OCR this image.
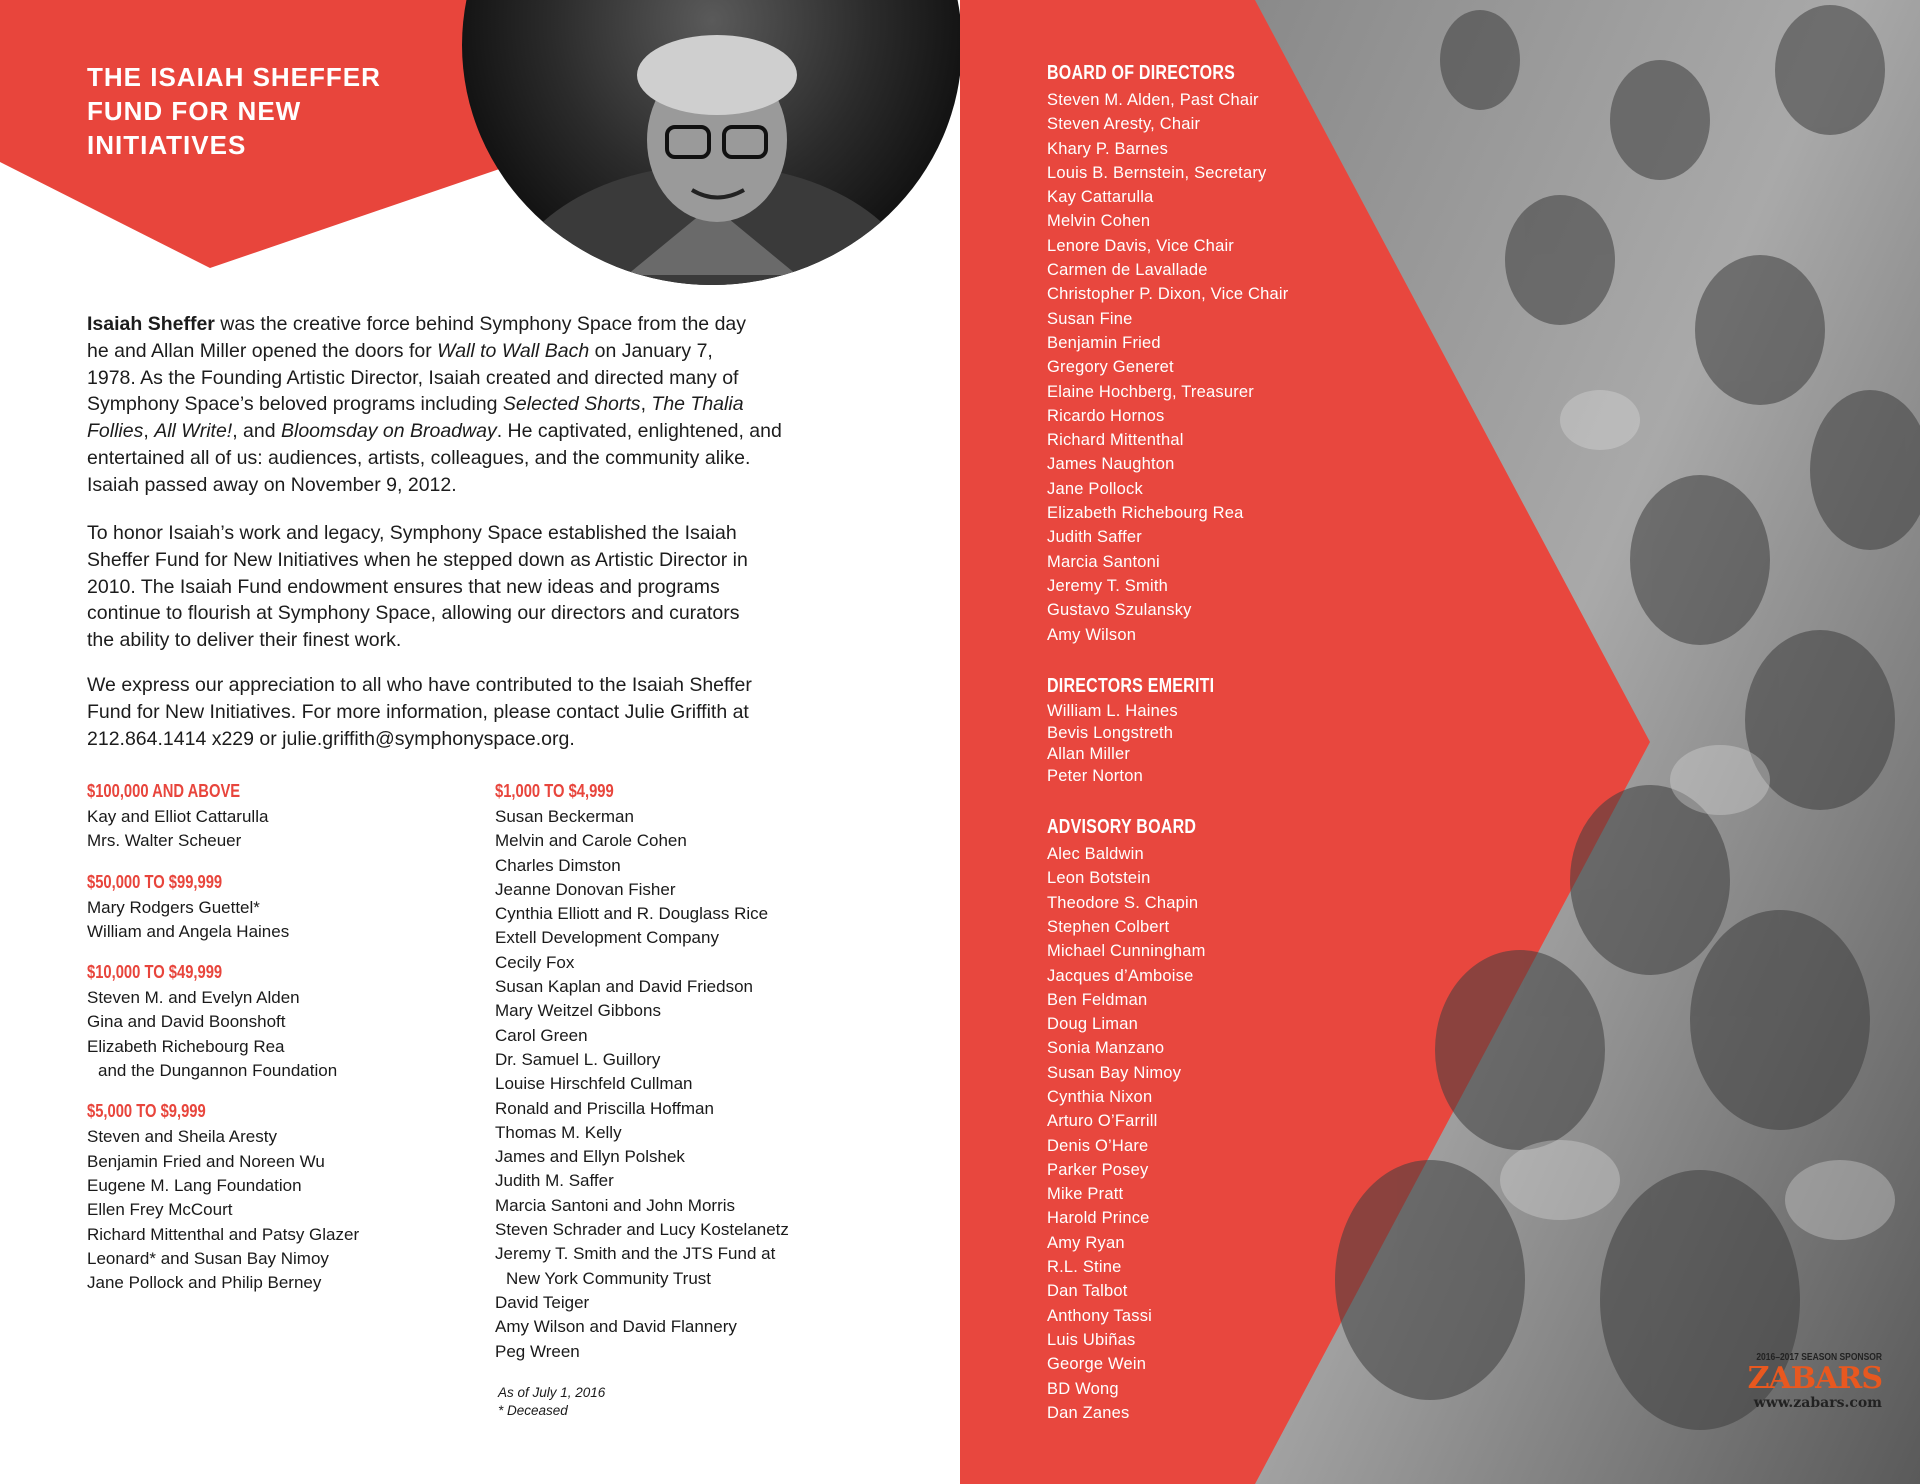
THE ISAIAH SHEFFER
FUND FOR NEW
INITIATIVES

Isaiah Sheffer was the creative force behind Symphony Space from the day
he and Allan Miller opened the doors for Wall to Wall Bach on January 7,
1978. As the Founding Artistic Director, Isaiah created and directed many of
Symphony Space’s beloved programs including Selected Shorts, The Thalia
Follies, All Write!, and Bloomsday on Broadway. He captivated, enlightened, and
entertained all of us: audiences, artists, colleagues, and the community alike.
Isaiah passed away on November 9, 2012.

To honor Isaiah’s work and legacy, Symphony Space established the Isaiah
Sheffer Fund for New Initiatives when he stepped down as Artistic Director in
2010. The Isaiah Fund endowment ensures that new ideas and programs
continue to flourish at Symphony Space, allowing our directors and curators
the ability to deliver their finest work.

We express our appreciation to all who have contributed to the Isaiah Sheffer
Fund for New Initiatives. For more information, please contact Julie Griffith at
212.864.1414 x229 or julie.griffith@symphonyspace.org.

$100,000 AND ABOVE
Kay and Elliot Cattarulla
Mrs. Walter Scheuer
$50,000 TO $99,999
Mary Rodgers Guettel*
William and Angela Haines
$10,000 TO $49,999
Steven M. and Evelyn Alden
Gina and David Boonshoft
Elizabeth Richebourg Rea
and the Dungannon Foundation
$5,000 TO $9,999
Steven and Sheila Aresty
Benjamin Fried and Noreen Wu
Eugene M. Lang Foundation
Ellen Frey McCourt
Richard Mittenthal and Patsy Glazer
Leonard* and Susan Bay Nimoy
Jane Pollock and Philip Berney
$1,000 TO $4,999
Susan Beckerman
Melvin and Carole Cohen
Charles Dimston
Jeanne Donovan Fisher
Cynthia Elliott and R. Douglass Rice
Extell Development Company
Cecily Fox
Susan Kaplan and David Friedson
Mary Weitzel Gibbons
Carol Green
Dr. Samuel L. Guillory
Louise Hirschfeld Cullman
Ronald and Priscilla Hoffman
Thomas M. Kelly
James and Ellyn Polshek
Judith M. Saffer
Marcia Santoni and John Morris
Steven Schrader and Lucy Kostelanetz
Jeremy T. Smith and the JTS Fund at
New York Community Trust
David Teiger
Amy Wilson and David Flannery
Peg Wreen
As of July 1, 2016
* Deceased
BOARD OF DIRECTORS
Steven M. Alden, Past Chair
Steven Aresty, Chair
Khary P. Barnes
Louis B. Bernstein, Secretary
Kay Cattarulla
Melvin Cohen
Lenore Davis, Vice Chair
Carmen de Lavallade
Christopher P. Dixon, Vice Chair
Susan Fine
Benjamin Fried
Gregory Generet
Elaine Hochberg, Treasurer
Ricardo Hornos
Richard Mittenthal
James Naughton
Jane Pollock
Elizabeth Richebourg Rea
Judith Saffer
Marcia Santoni
Jeremy T. Smith
Gustavo Szulansky
Amy Wilson
DIRECTORS EMERITI
William L. Haines
Bevis Longstreth
Allan Miller
Peter Norton
ADVISORY BOARD
Alec Baldwin
Leon Botstein
Theodore S. Chapin
Stephen Colbert
Michael Cunningham
Jacques d’Amboise
Ben Feldman
Doug Liman
Sonia Manzano
Susan Bay Nimoy
Cynthia Nixon
Arturo O’Farrill
Denis O’Hare
Parker Posey
Mike Pratt
Harold Prince
Amy Ryan
R.L. Stine
Dan Talbot
Anthony Tassi
Luis Ubiñas
George Wein
BD Wong
Dan Zanes
2016–2017 SEASON SPONSOR
ZABARS
www.zabars.com
